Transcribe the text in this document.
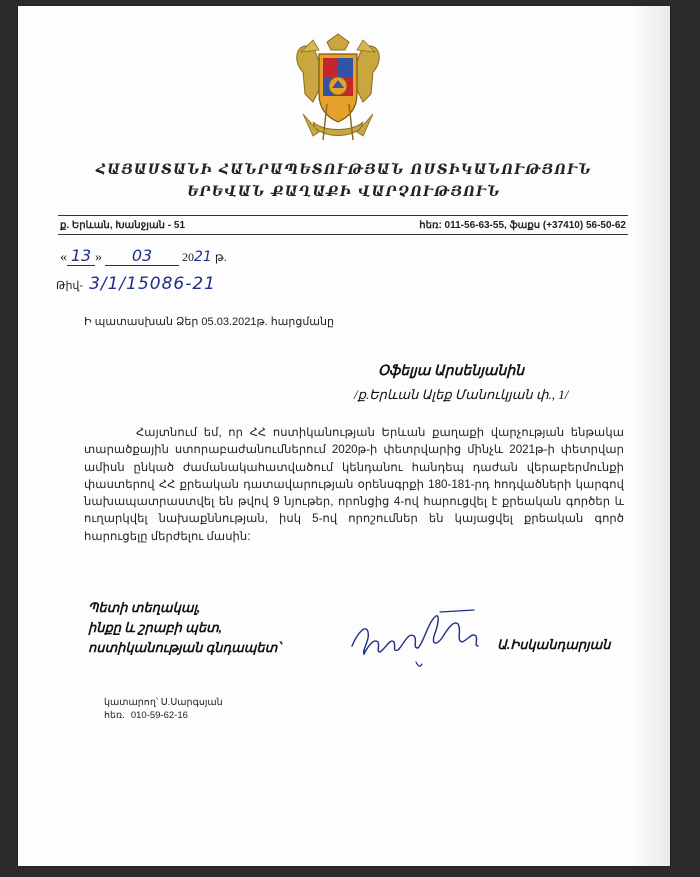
ՀԱՅԱՍՏԱՆԻ ՀԱՆՐԱՊԵՏՈՒԹՅԱՆ ՈՍՏԻԿԱՆՈՒԹՅՈՒՆ
ԵՐԵՎԱՆ ՔԱՂԱՔԻ ՎԱՐՉՈՒԹՅՈՒՆ
ք. Երևան, Խանջյան - 51	հեռ: 011-56-63-55, ֆաքս (+37410) 56-50-62
« 13 » 03 2021 թ.
Թիվ- 3/1/15086-21
Ի պատասխան Ձեր 05.03.2021թ. հարցմանը
Օֆելյա Արսենյանին
/ք.Երևան Ալեք Մանուկյան փ., 1/
Հայտնում եմ, որ ՀՀ ոստիկանության Երևան քաղաքի վարչության ենթակա տարածքային ստորաբաժանումներում 2020թ-ի փետրվարից մինչև 2021թ-ի փետրվար ամիսն ընկած ժամանակահատվածում կենդանու հանդեպ դաժան վերաբերմունքի փաստերով ՀՀ քրեական դատավարության օրենսգրքի 180-181-րդ հոդվածների կարգով նախապատրաստվել են թվով 9 նյութեր, որոնցից 4-ով հարուցվել է քրեական գործեր և ուղարկվել նախաքննության, իսկ 5-ով որոշումներ են կայացվել քրեական գործ հարուցելը մերժելու մասին:
Պետի տեղակալ,
ինքը և շրաբի պետ,
ոստիկանության գնդապետ՝	Ա.Իսկանդարյան
կատարող՝ Ս.Սարգսյան
հեռ. 010-59-62-16
